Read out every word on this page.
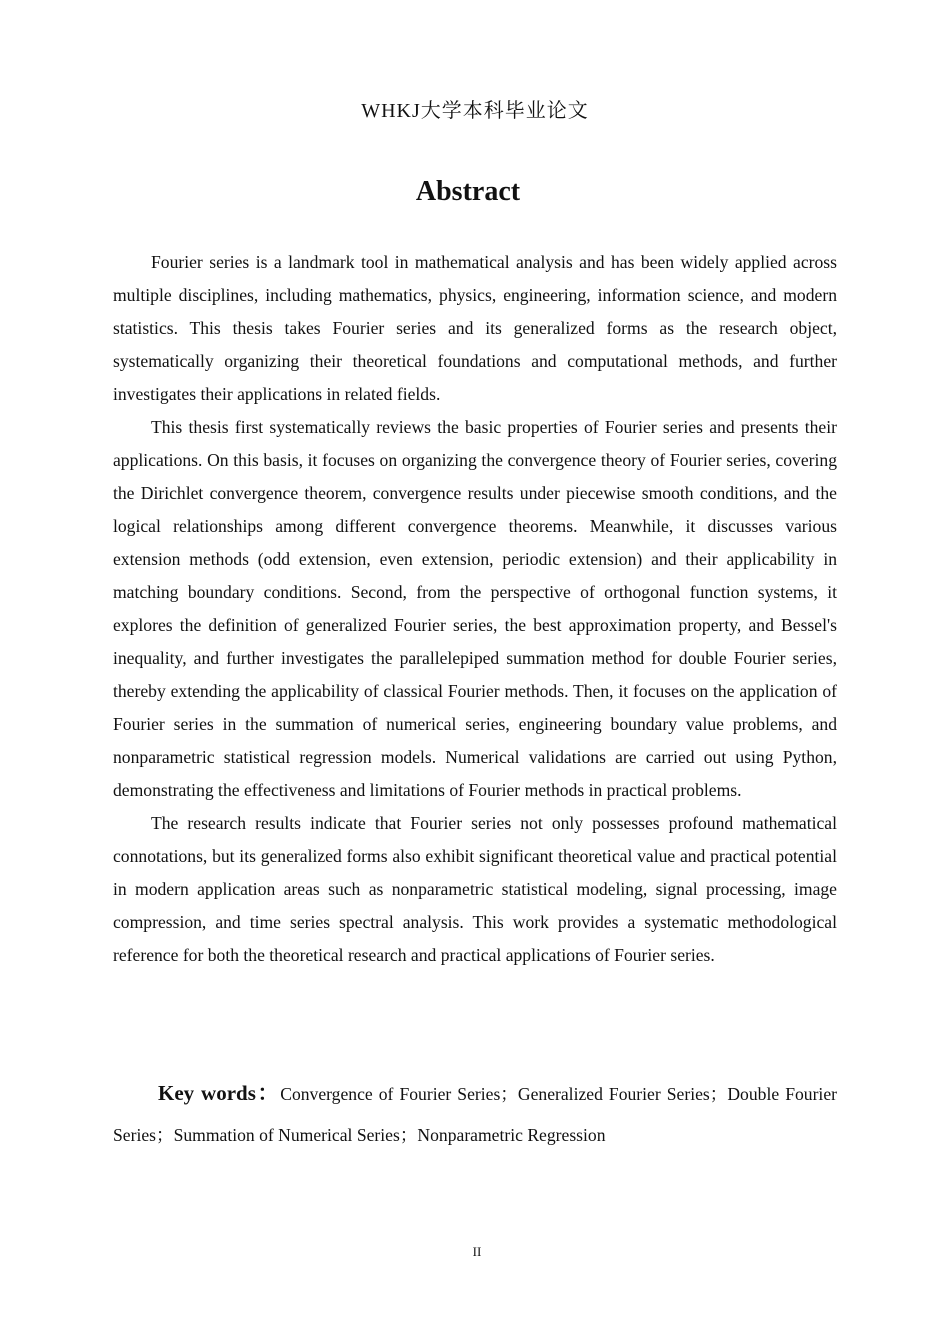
WHKJ大学本科毕业论文
Abstract

Fourier series is a landmark tool in mathematical analysis and has been widely applied across multiple disciplines, including mathematics, physics, engineering, information science, and modern statistics. This thesis takes Fourier series and its generalized forms as the research object, systematically organizing their theoretical foundations and computational methods, and further investigates their applications in related fields.

This thesis first systematically reviews the basic properties of Fourier series and presents their applications. On this basis, it focuses on organizing the convergence theory of Fourier series, covering the Dirichlet convergence theorem, convergence results under piecewise smooth conditions, and the logical relationships among different convergence theorems. Meanwhile, it discusses various extension methods (odd extension, even extension, periodic extension) and their applicability in matching boundary conditions. Second, from the perspective of orthogonal function systems, it explores the definition of generalized Fourier series, the best approximation property, and Bessel's inequality, and further investigates the parallelepiped summation method for double Fourier series, thereby extending the applicability of classical Fourier methods. Then, it focuses on the application of Fourier series in the summation of numerical series, engineering boundary value problems, and nonparametric statistical regression models. Numerical validations are carried out using Python, demonstrating the effectiveness and limitations of Fourier methods in practical problems.

The research results indicate that Fourier series not only possesses profound mathematical connotations, but its generalized forms also exhibit significant theoretical value and practical potential in modern application areas such as nonparametric statistical modeling, signal processing, image compression, and time series spectral analysis. This work provides a systematic methodological reference for both the theoretical research and practical applications of Fourier series.

Key words：Convergence of Fourier Series；Generalized Fourier Series；Double Fourier Series；Summation of Numerical Series；Nonparametric Regression
II
